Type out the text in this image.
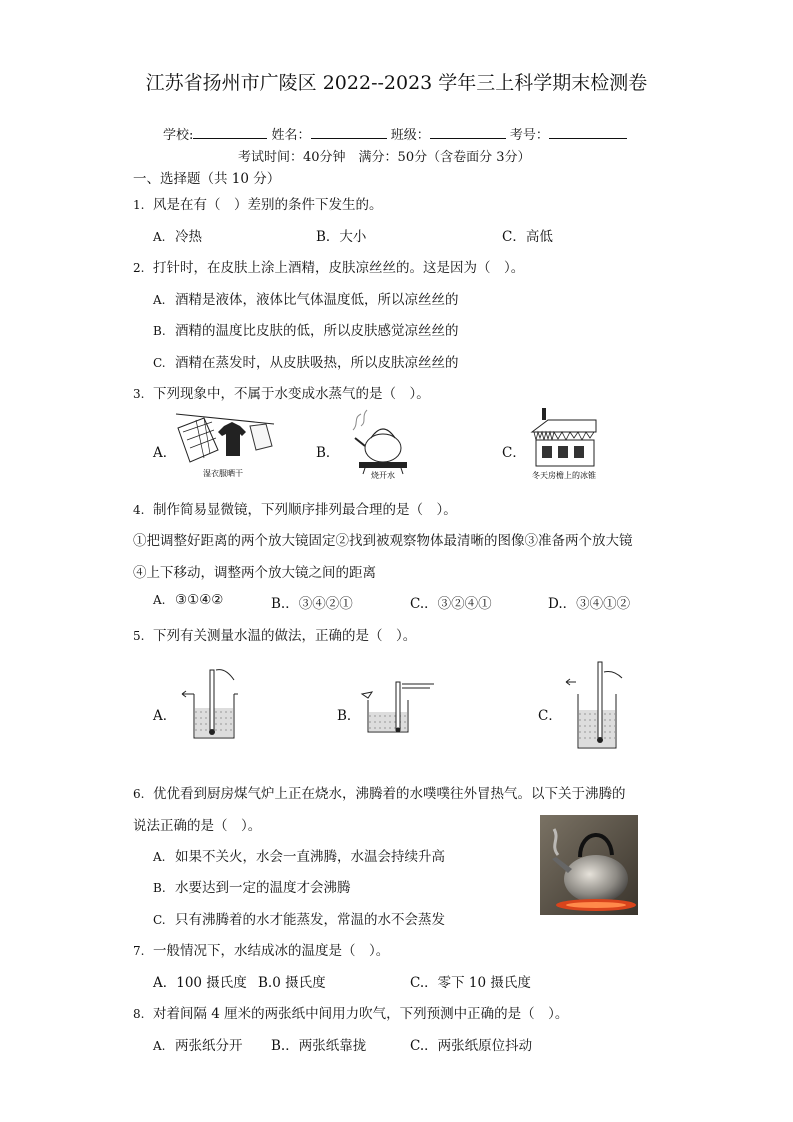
江苏省扬州市广陵区 2022--2023 学年三上科学期末检测卷
学校:	姓名：	班级：	考号：
考试时间：40分钟　满分：50分（含卷面分 3分）
一、选择题（共 10 分）
1. 风是在有（　）差别的条件下发生的。
A. 冷热	B．大小	C．高低
2. 打针时，在皮肤上涂上酒精，皮肤凉丝丝的。这是因为（　）。
A. 酒精是液体，液体比气体温度低，所以凉丝丝的
B. 酒精的温度比皮肤的低，所以皮肤感觉凉丝丝的
C. 酒精在蒸发时，从皮肤吸热，所以皮肤凉丝丝的
3. 下列现象中，不属于水变成水蒸气的是（　）。
A．
湿衣服晒干
B．
烧开水
C．
冬天房檐上的冰锥
4. 制作简易显微镜，下列顺序排列最合理的是（　）。
①把调整好距离的两个放大镜固定②找到被观察物体最清晰的图像③准备两个放大镜
④上下移动，调整两个放大镜之间的距离
A. ③①④②	B.．③④②①	C.．③②④①	D.．③④①②
5. 下列有关测量水温的做法，正确的是（　）。
A．	B．	C．
6. 优优看到厨房煤气炉上正在烧水，沸腾着的水噗噗往外冒热气。以下关于沸腾的
说法正确的是（　）。
A. 如果不关火，水会一直沸腾，水温会持续升高
B. 水要达到一定的温度才会沸腾
C. 只有沸腾着的水才能蒸发，常温的水不会蒸发
7. 一般情况下，水结成冰的温度是（　）。
A．100 摄氏度 B.0 摄氏度	C.．零下 10 摄氏度
8. 对着间隔 4 厘米的两张纸中间用力吹气，下列预测中正确的是（　）。
A. 两张纸分开 B.．两张纸靠拢	C.．两张纸原位抖动
